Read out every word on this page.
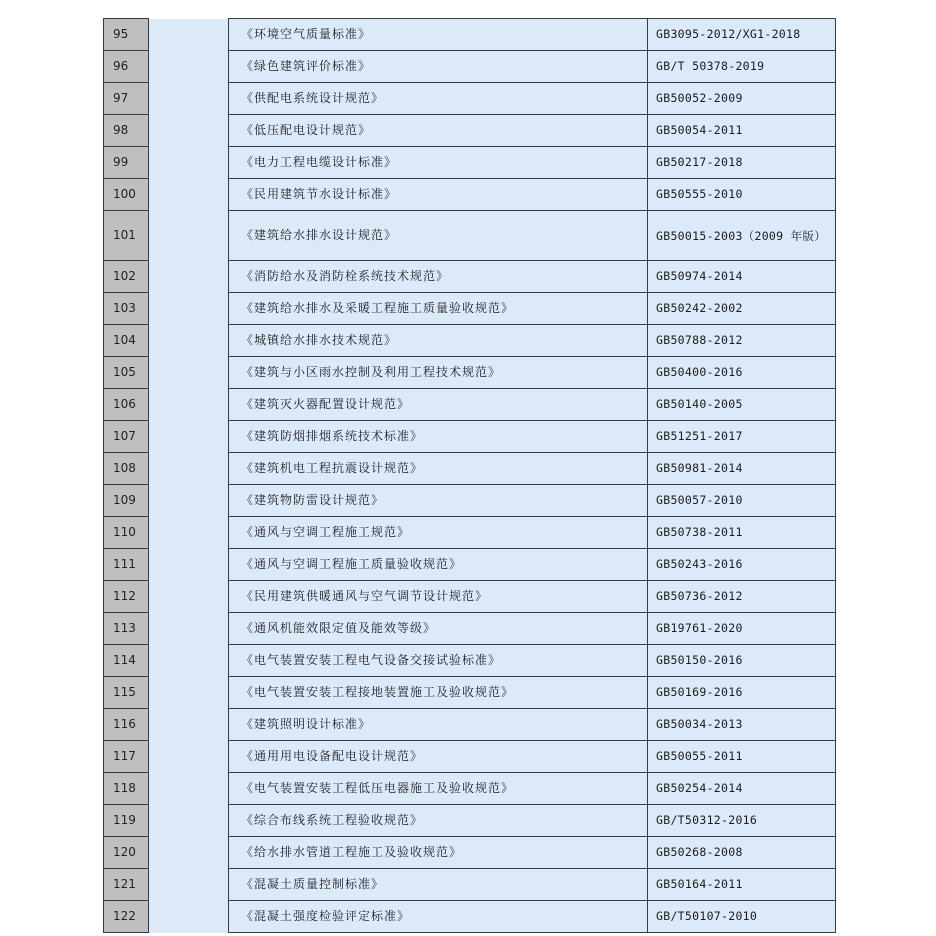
95		《环境空气质量标准》	GB3095-2012/XG1-2018
96		《绿色建筑评价标准》	GB/T 50378-2019
97		《供配电系统设计规范》	GB50052-2009
98		《低压配电设计规范》	GB50054-2011
99		《电力工程电缆设计标准》	GB50217-2018
100		《民用建筑节水设计标准》	GB50555-2010
101		《建筑给水排水设计规范》	GB50015-2003（2009 年版）
102		《消防给水及消防栓系统技术规范》	GB50974-2014
103		《建筑给水排水及采暖工程施工质量验收规范》	GB50242-2002
104		《城镇给水排水技术规范》	GB50788-2012
105		《建筑与小区雨水控制及利用工程技术规范》	GB50400-2016
106		《建筑灭火器配置设计规范》	GB50140-2005
107		《建筑防烟排烟系统技术标准》	GB51251-2017
108		《建筑机电工程抗震设计规范》	GB50981-2014
109		《建筑物防雷设计规范》	GB50057-2010
110		《通风与空调工程施工规范》	GB50738-2011
111		《通风与空调工程施工质量验收规范》	GB50243-2016
112		《民用建筑供暖通风与空气调节设计规范》	GB50736-2012
113		《通风机能效限定值及能效等级》	GB19761-2020
114		《电气装置安装工程电气设备交接试验标准》	GB50150-2016
115		《电气装置安装工程接地装置施工及验收规范》	GB50169-2016
116		《建筑照明设计标准》	GB50034-2013
117		《通用用电设备配电设计规范》	GB50055-2011
118		《电气装置安装工程低压电器施工及验收规范》	GB50254-2014
119		《综合布线系统工程验收规范》	GB/T50312-2016
120		《给水排水管道工程施工及验收规范》	GB50268-2008
121		《混凝土质量控制标准》	GB50164-2011
122		《混凝土强度检验评定标准》	GB/T50107-2010
